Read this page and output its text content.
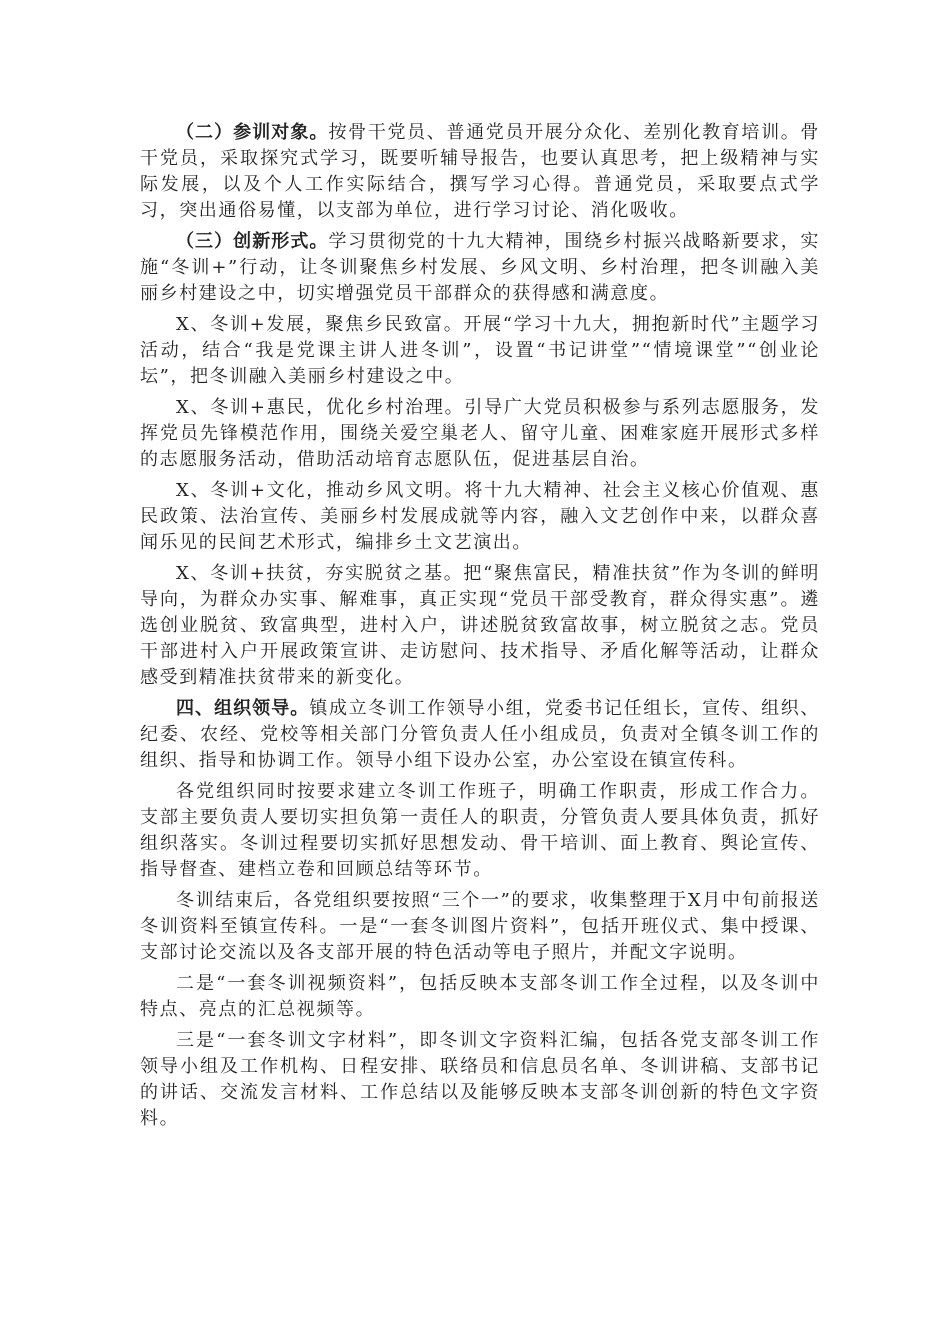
（二）参训对象。按骨干党员、普通党员开展分众化、差别化教育培训。骨干党员，采取探究式学习，既要听辅导报告，也要认真思考，把上级精神与实际发展，以及个人工作实际结合，撰写学习心得。普通党员，采取要点式学习，突出通俗易懂，以支部为单位，进行学习讨论、消化吸收。

（三）创新形式。学习贯彻党的十九大精神，围绕乡村振兴战略新要求，实施“冬训+”行动，让冬训聚焦乡村发展、乡风文明、乡村治理，把冬训融入美丽乡村建设之中，切实增强党员干部群众的获得感和满意度。

X、冬训+发展，聚焦乡民致富。开展“学习十九大，拥抱新时代”主题学习活动，结合“我是党课主讲人进冬训”，设置“书记讲堂”“情境课堂”“创业论坛”，把冬训融入美丽乡村建设之中。

X、冬训+惠民，优化乡村治理。引导广大党员积极参与系列志愿服务，发挥党员先锋模范作用，围绕关爱空巢老人、留守儿童、困难家庭开展形式多样的志愿服务活动，借助活动培育志愿队伍，促进基层自治。

X、冬训+文化，推动乡风文明。将十九大精神、社会主义核心价值观、惠民政策、法治宣传、美丽乡村发展成就等内容，融入文艺创作中来，以群众喜闻乐见的民间艺术形式，编排乡土文艺演出。

X、冬训+扶贫，夯实脱贫之基。把“聚焦富民，精准扶贫”作为冬训的鲜明导向，为群众办实事、解难事，真正实现“党员干部受教育，群众得实惠”。遴选创业脱贫、致富典型，进村入户，讲述脱贫致富故事，树立脱贫之志。党员干部进村入户开展政策宣讲、走访慰问、技术指导、矛盾化解等活动，让群众感受到精准扶贫带来的新变化。

四、组织领导。镇成立冬训工作领导小组，党委书记任组长，宣传、组织、纪委、农经、党校等相关部门分管负责人任小组成员，负责对全镇冬训工作的组织、指导和协调工作。领导小组下设办公室，办公室设在镇宣传科。

各党组织同时按要求建立冬训工作班子，明确工作职责，形成工作合力。支部主要负责人要切实担负第一责任人的职责，分管负责人要具体负责，抓好组织落实。冬训过程要切实抓好思想发动、骨干培训、面上教育、舆论宣传、指导督查、建档立卷和回顾总结等环节。

冬训结束后，各党组织要按照“三个一”的要求，收集整理于X月中旬前报送冬训资料至镇宣传科。一是“一套冬训图片资料”，包括开班仪式、集中授课、支部讨论交流以及各支部开展的特色活动等电子照片，并配文字说明。

二是“一套冬训视频资料”，包括反映本支部冬训工作全过程，以及冬训中特点、亮点的汇总视频等。

三是“一套冬训文字材料”，即冬训文字资料汇编，包括各党支部冬训工作领导小组及工作机构、日程安排、联络员和信息员名单、冬训讲稿、支部书记的讲话、交流发言材料、工作总结以及能够反映本支部冬训创新的特色文字资料。
